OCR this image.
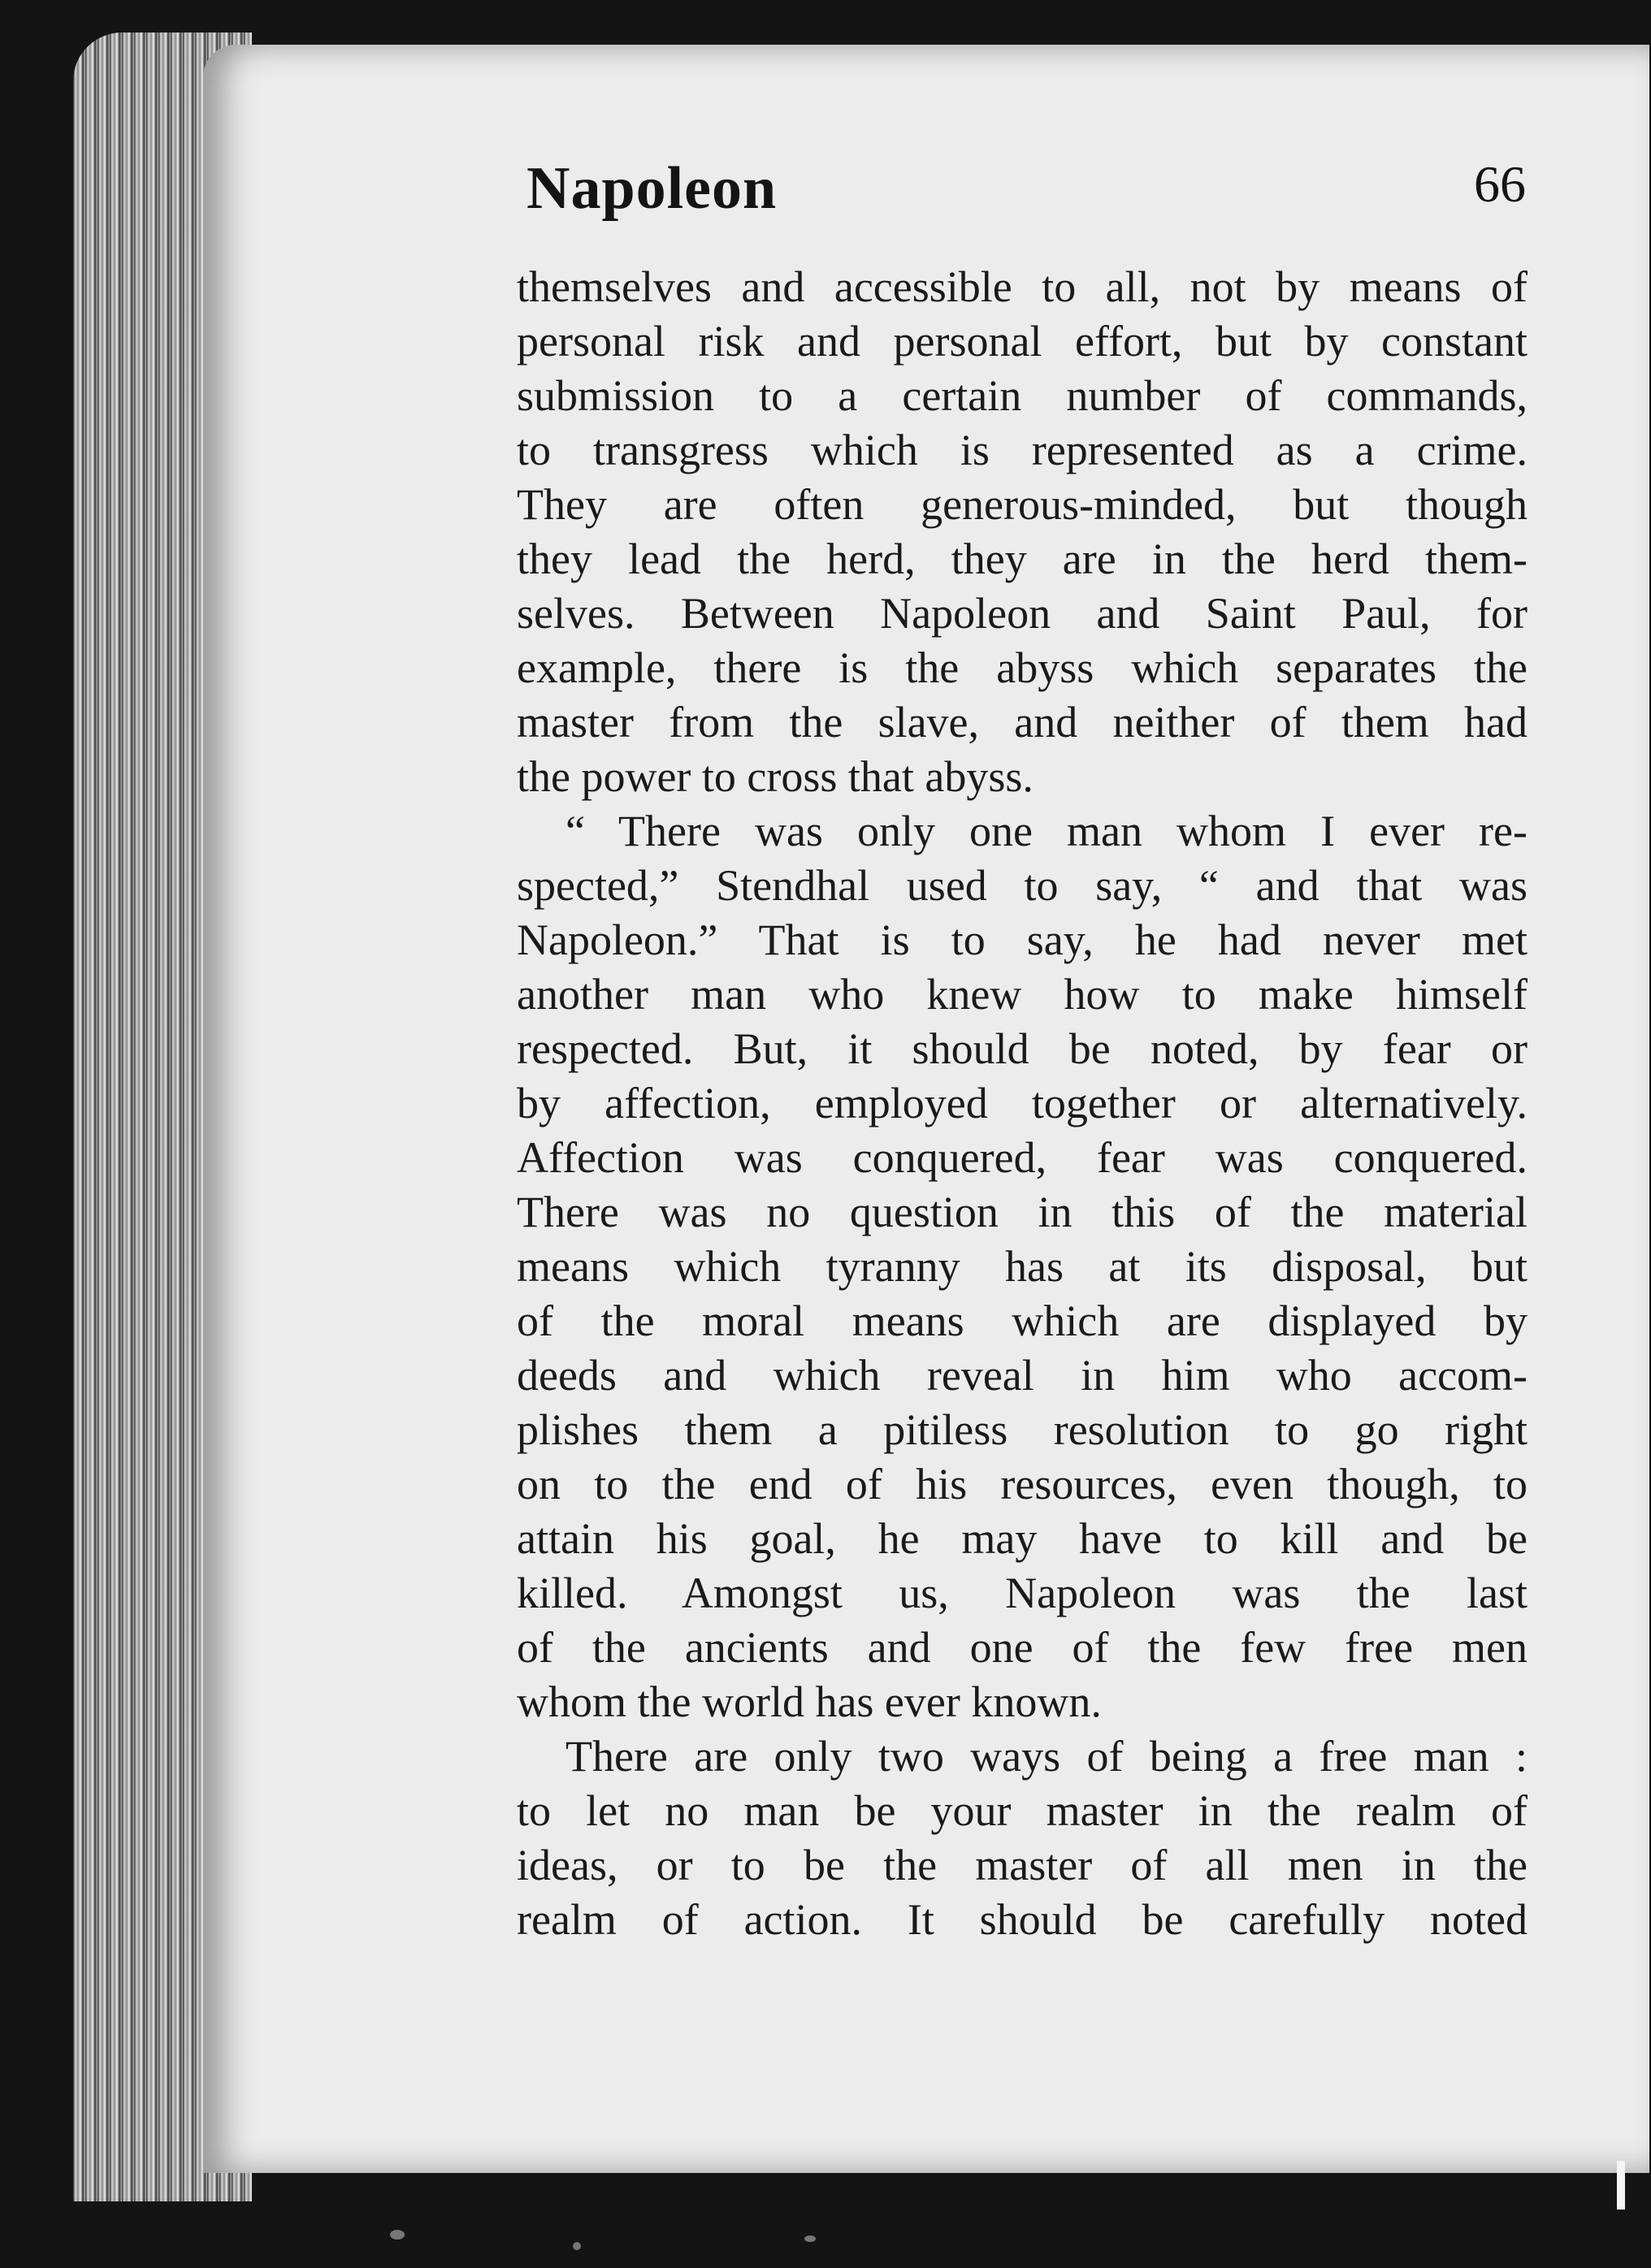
Napoleon	66
themselves and accessible to all, not by means of
personal risk and personal effort, but by constant
submission to a certain number of commands,
to transgress which is represented as a crime.
They are often generous-minded, but though
they lead the herd, they are in the herd them-
selves. Between Napoleon and Saint Paul, for
example, there is the abyss which separates the
master from the slave, and neither of them had
the power to cross that abyss.
“ There was only one man whom I ever re-
spected,” Stendhal used to say, “ and that was
Napoleon.” That is to say, he had never met
another man who knew how to make himself
respected. But, it should be noted, by fear or
by affection, employed together or alternatively.
Affection was conquered, fear was conquered.
There was no question in this of the material
means which tyranny has at its disposal, but
of the moral means which are displayed by
deeds and which reveal in him who accom-
plishes them a pitiless resolution to go right
on to the end of his resources, even though, to
attain his goal, he may have to kill and be
killed. Amongst us, Napoleon was the last
of the ancients and one of the few free men
whom the world has ever known.
There are only two ways of being a free man :
to let no man be your master in the realm of
ideas, or to be the master of all men in the
realm of action. It should be carefully noted
